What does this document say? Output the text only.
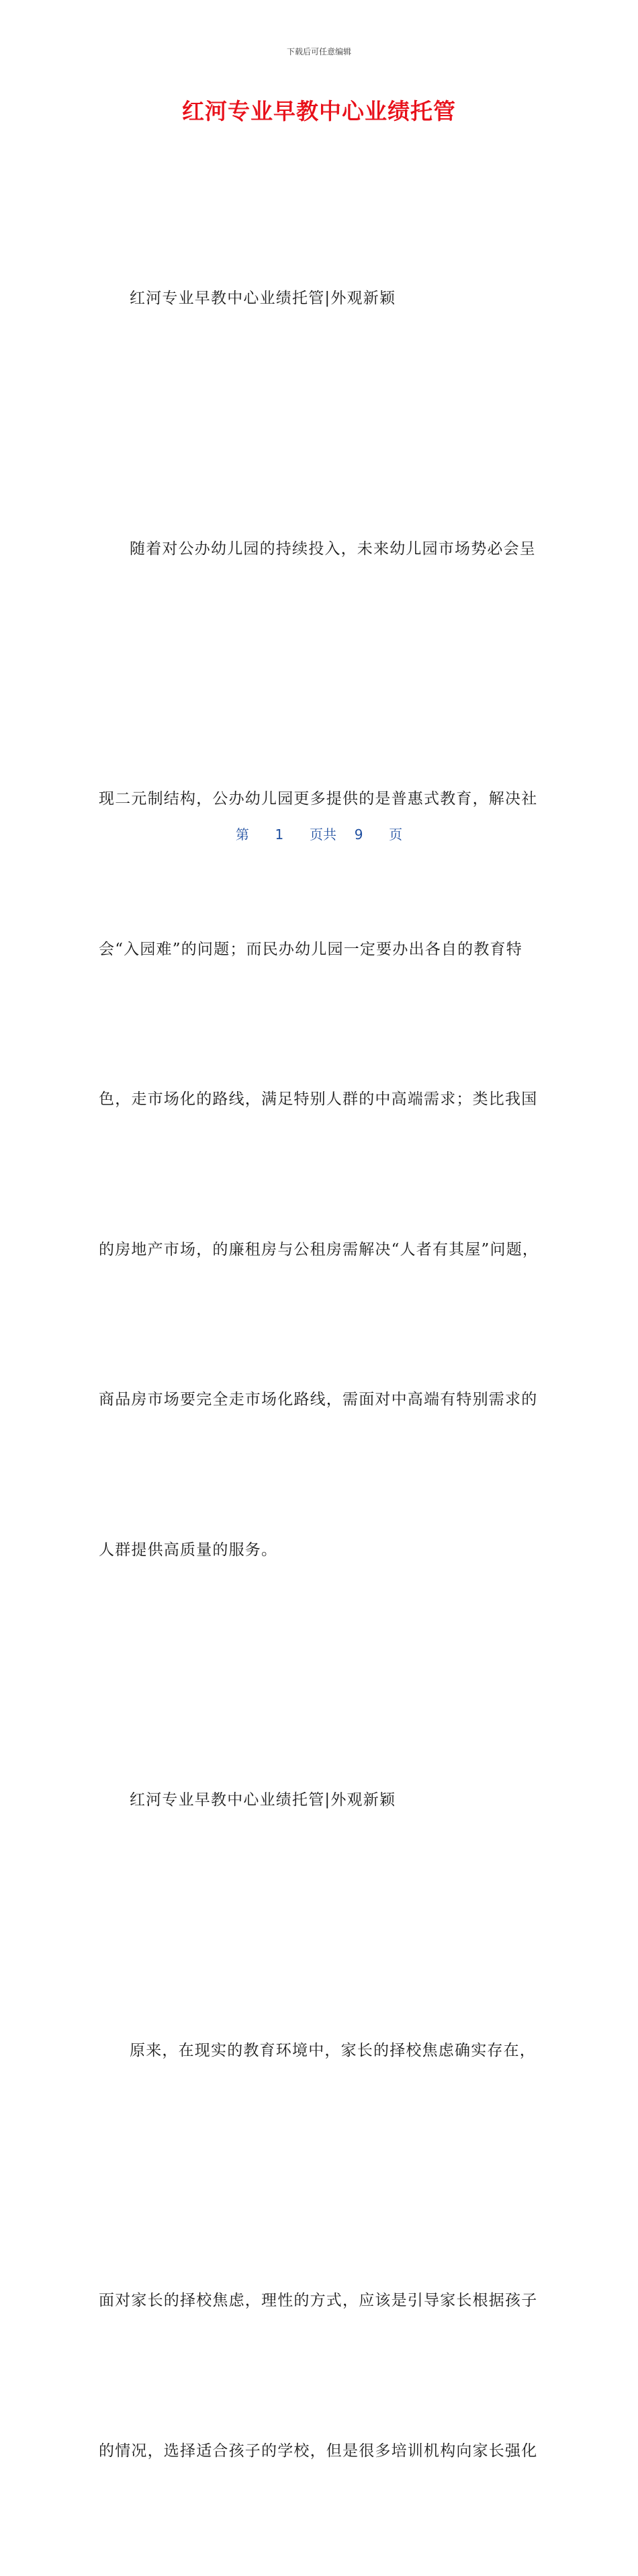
下载后可任意编辑
红河专业早教中心业绩托管

红河专业早教中心业绩托管|外观新颖

随着对公办幼儿园的持续投入，未来幼儿园市场势必会呈

现二元制结构，公办幼儿园更多提供的是普惠式教育，解决社

会“入园难”的问题；而民办幼儿园一定要办出各自的教育特

色，走市场化的路线，满足特别人群的中高端需求；类比我国

的房地产市场，的廉租房与公租房需解决“人者有其屋”问题，

商品房市场要完全走市场化路线，需面对中高端有特别需求的

人群提供高质量的服务。

红河专业早教中心业绩托管|外观新颖

原来，在现实的教育环境中，家长的择校焦虑确实存在，

面对家长的择校焦虑，理性的方式，应该是引导家长根据孩子

的情况，选择适合孩子的学校，但是很多培训机构向家长强化

第 1 页共 9 页
